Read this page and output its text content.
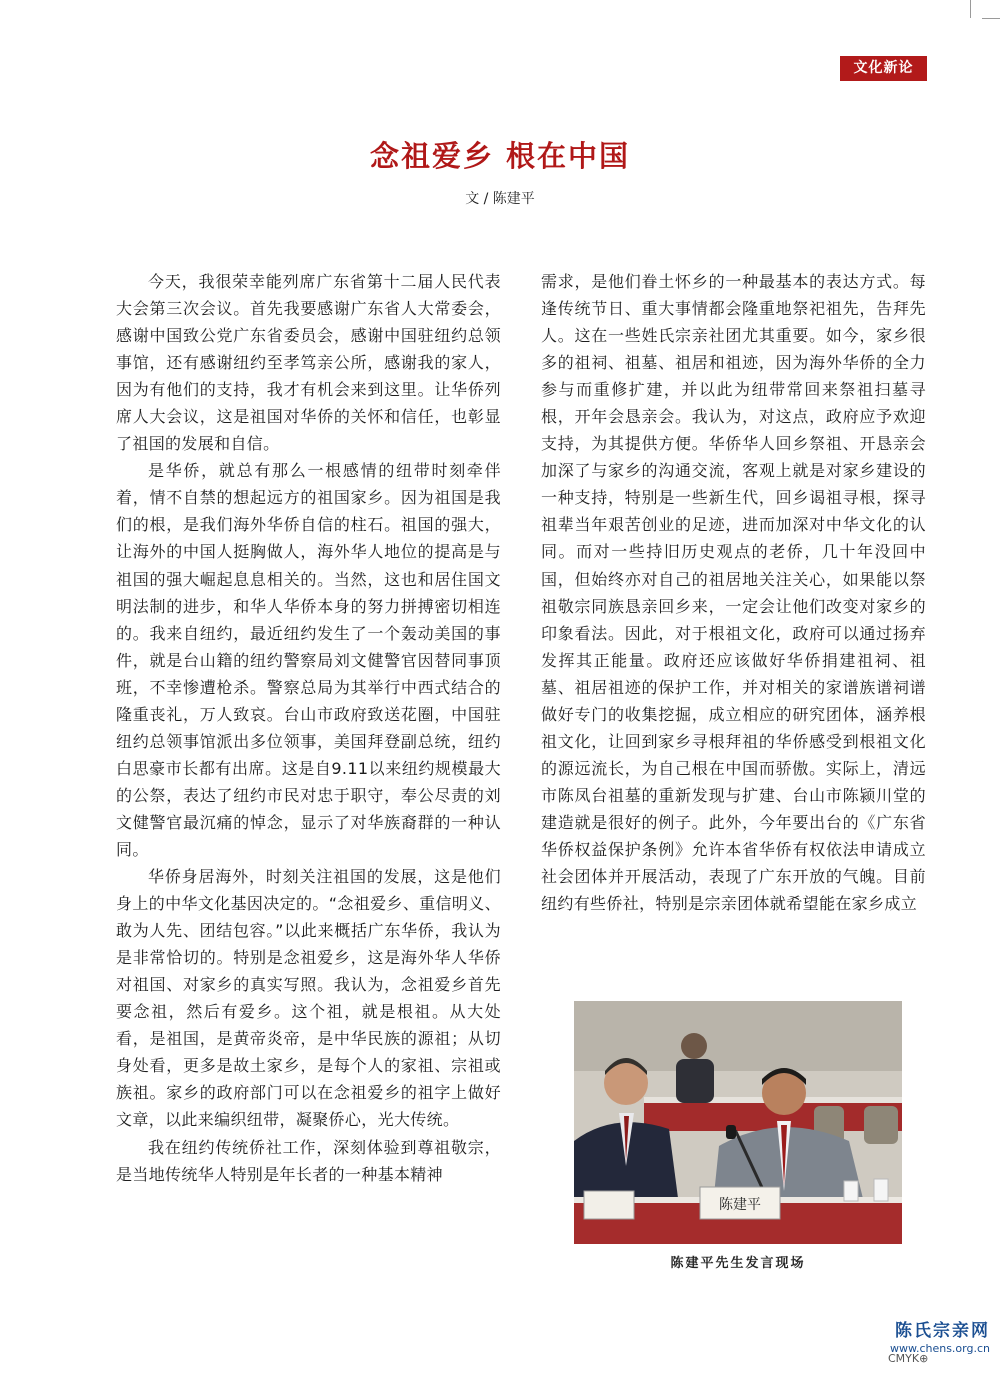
文化新论
念祖爱乡 根在中国
文 / 陈建平

今天，我很荣幸能列席广东省第十二届人民代表大会第三次会议。首先我要感谢广东省人大常委会，感谢中国致公党广东省委员会，感谢中国驻纽约总领事馆，还有感谢纽约至孝笃亲公所，感谢我的家人，因为有他们的支持，我才有机会来到这里。让华侨列席人大会议，这是祖国对华侨的关怀和信任，也彰显了祖国的发展和自信。

是华侨，就总有那么一根感情的纽带时刻牵伴着，情不自禁的想起远方的祖国家乡。因为祖国是我们的根，是我们海外华侨自信的柱石。祖国的强大，让海外的中国人挺胸做人，海外华人地位的提高是与祖国的强大崛起息息相关的。当然，这也和居住国文明法制的进步，和华人华侨本身的努力拼搏密切相连的。我来自纽约，最近纽约发生了一个轰动美国的事件，就是台山籍的纽约警察局刘文健警官因替同事顶班，不幸惨遭枪杀。警察总局为其举行中西式结合的隆重丧礼，万人致哀。台山市政府致送花圈，中国驻纽约总领事馆派出多位领事，美国拜登副总统，纽约白思豪市长都有出席。这是自9.11以来纽约规模最大的公祭，表达了纽约市民对忠于职守，奉公尽责的刘文健警官最沉痛的悼念，显示了对华族裔群的一种认同。

华侨身居海外，时刻关注祖国的发展，这是他们身上的中华文化基因决定的。“念祖爱乡、重信明义、敢为人先、团结包容。”以此来概括广东华侨，我认为是非常恰切的。特别是念祖爱乡，这是海外华人华侨对祖国、对家乡的真实写照。我认为，念祖爱乡首先要念祖，然后有爱乡。这个祖，就是根祖。从大处看，是祖国，是黄帝炎帝，是中华民族的源祖；从切身处看，更多是故土家乡，是每个人的家祖、宗祖或族祖。家乡的政府部门可以在念祖爱乡的祖字上做好文章，以此来编织纽带，凝聚侨心，光大传统。

我在纽约传统侨社工作，深刻体验到尊祖敬宗，是当地传统华人特别是年长者的一种基本精神

需求，是他们眷土怀乡的一种最基本的表达方式。每逢传统节日、重大事情都会隆重地祭祀祖先，告拜先人。这在一些姓氏宗亲社团尤其重要。如今，家乡很多的祖祠、祖墓、祖居和祖迹，因为海外华侨的全力参与而重修扩建，并以此为纽带常回来祭祖扫墓寻根，开年会恳亲会。我认为，对这点，政府应予欢迎支持，为其提供方便。华侨华人回乡祭祖、开恳亲会加深了与家乡的沟通交流，客观上就是对家乡建设的一种支持，特别是一些新生代，回乡谒祖寻根，探寻祖辈当年艰苦创业的足迹，进而加深对中华文化的认同。而对一些持旧历史观点的老侨，几十年没回中国，但始终亦对自己的祖居地关注关心，如果能以祭祖敬宗同族恳亲回乡来，一定会让他们改变对家乡的印象看法。因此，对于根祖文化，政府可以通过扬弃发挥其正能量。政府还应该做好华侨捐建祖祠、祖墓、祖居祖迹的保护工作，并对相关的家谱族谱祠谱做好专门的收集挖掘，成立相应的研究团体，涵养根祖文化，让回到家乡寻根拜祖的华侨感受到根祖文化的源远流长，为自己根在中国而骄傲。实际上，清远市陈凤台祖墓的重新发现与扩建、台山市陈颍川堂的建造就是很好的例子。此外，今年要出台的《广东省华侨权益保护条例》允许本省华侨有权依法申请成立社会团体并开展活动，表现了广东开放的气魄。目前纽约有些侨社，特别是宗亲团体就希望能在家乡成立

陈建平
陈建平先生发言现场
陈氏宗亲网
www.chens.org.cn
CMYK⊕
